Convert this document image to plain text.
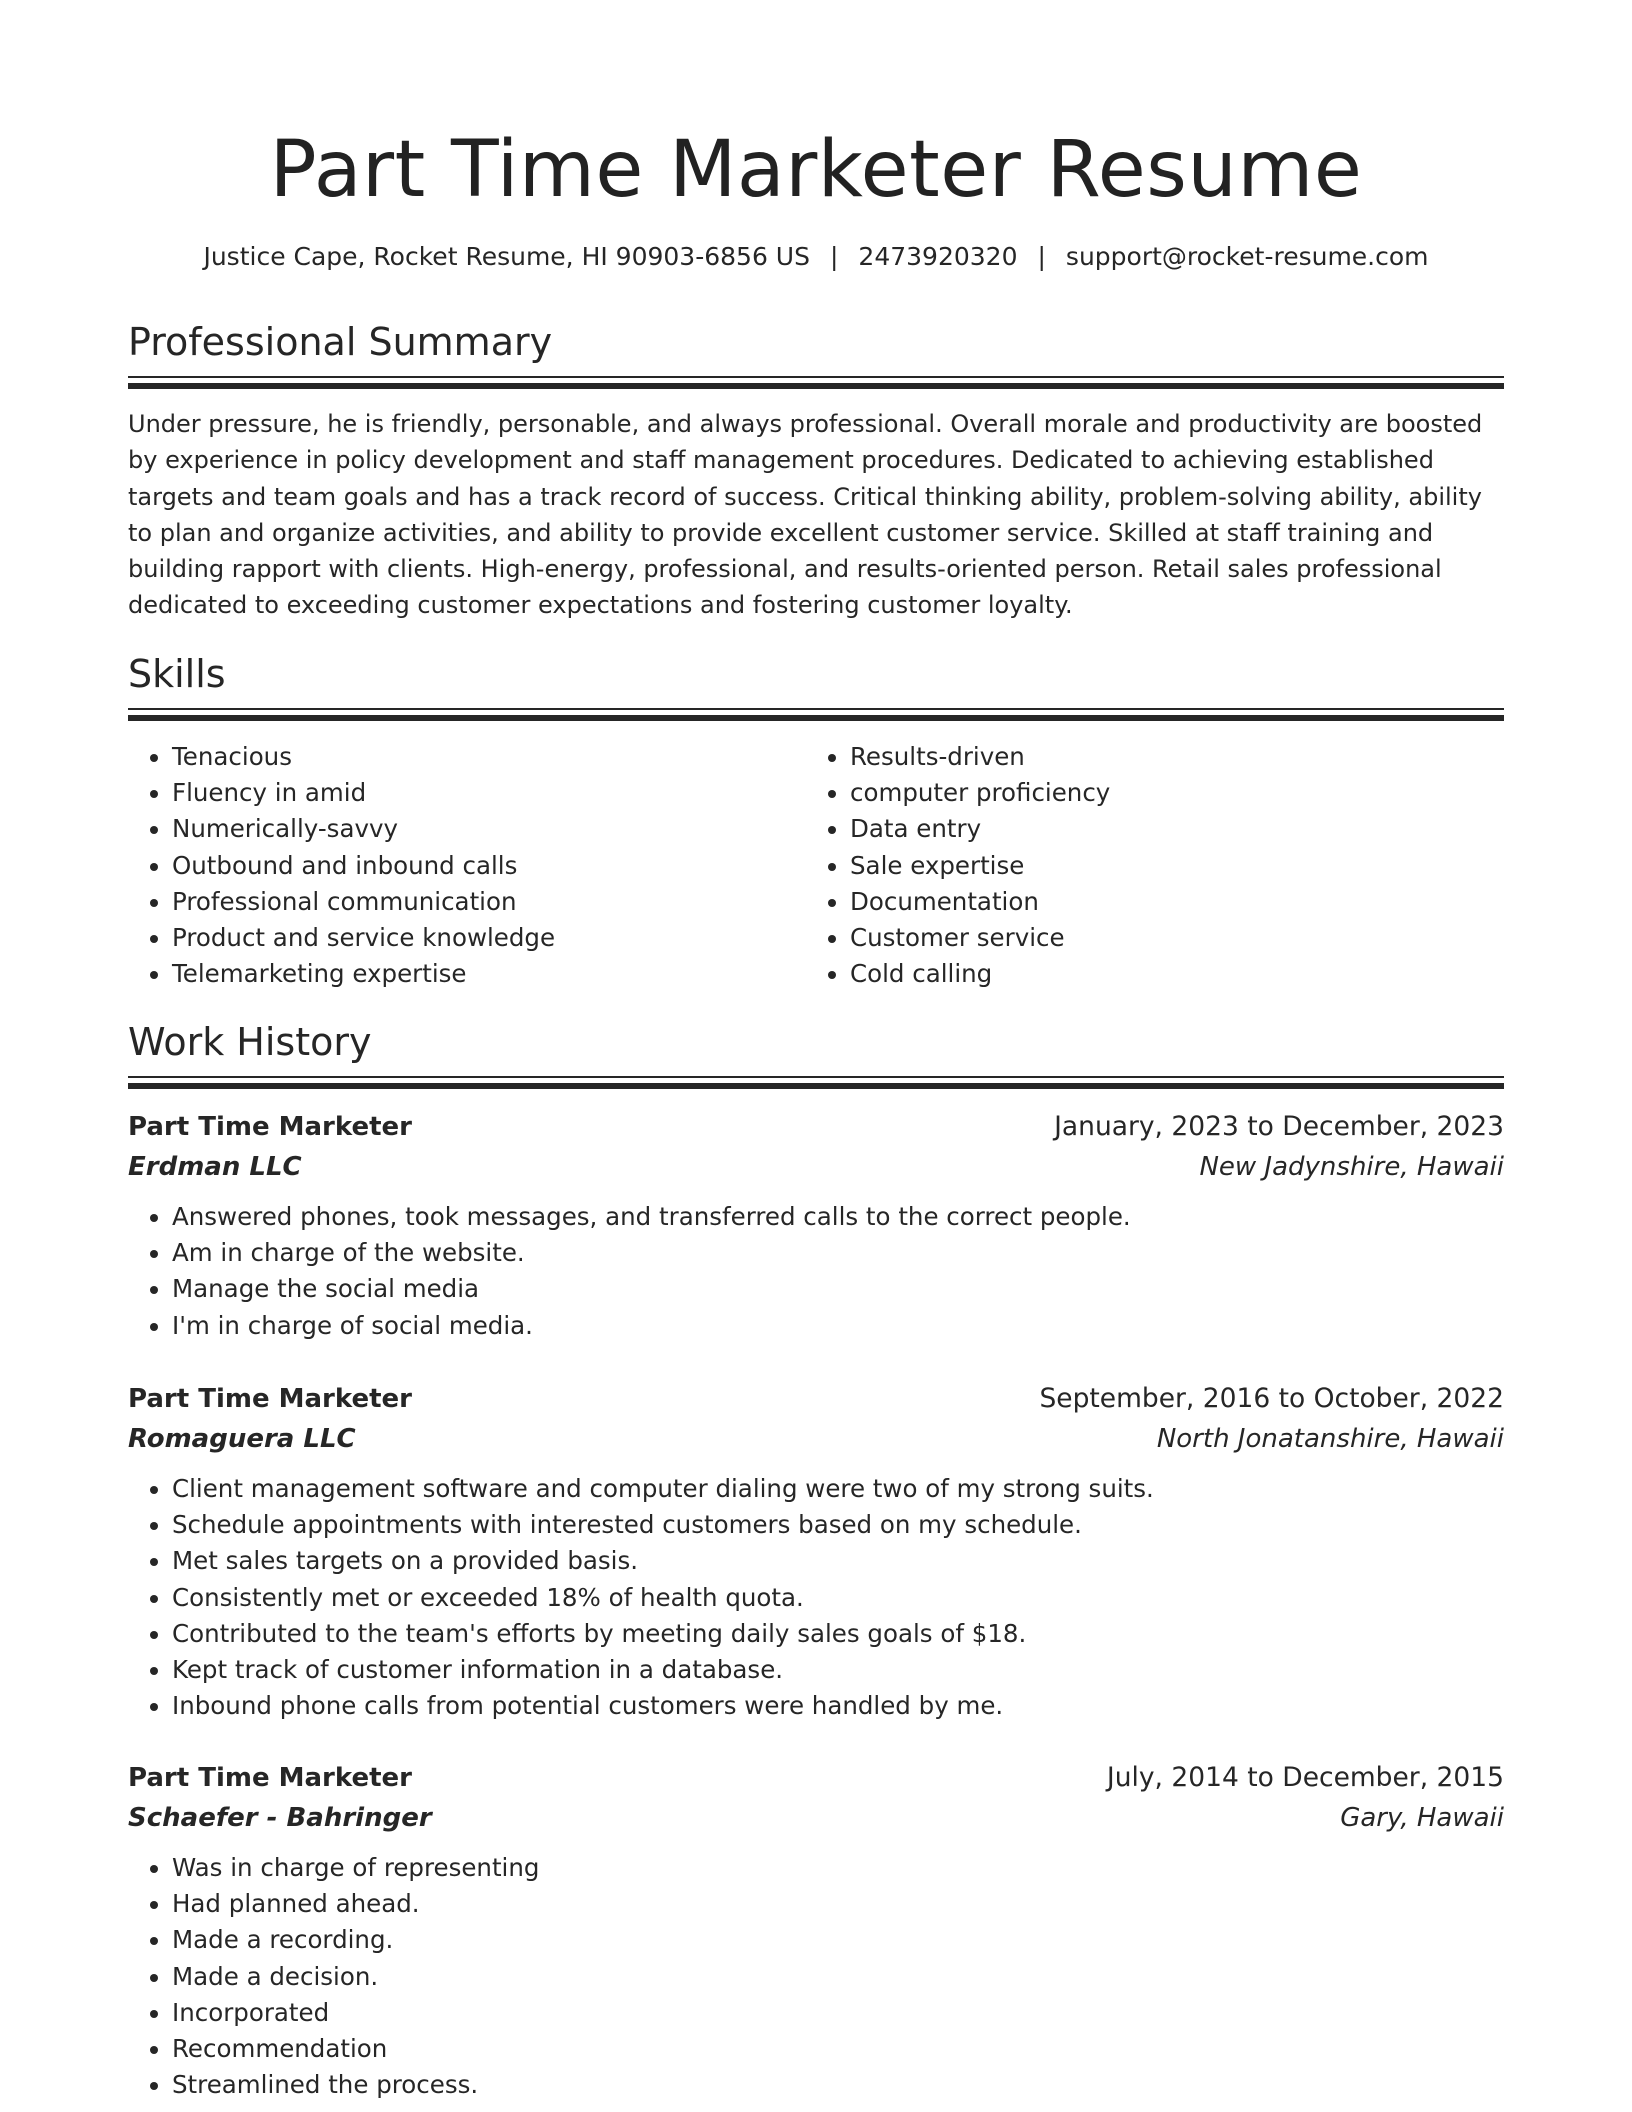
Part Time Marketer Resume
Justice Cape, Rocket Resume, HI 90903-6856 US | 2473920320 | support@rocket-resume.com
Professional Summary

Under pressure, he is friendly, personable, and always professional. Overall morale and productivity are boosted by experience in policy development and staff management procedures. Dedicated to achieving established targets and team goals and has a track record of success. Critical thinking ability, problem-solving ability, ability to plan and organize activities, and ability to provide excellent customer service. Skilled at staff training and building rapport with clients. High-energy, professional, and results-oriented person. Retail sales professional dedicated to exceeding customer expectations and fostering customer loyalty.

Skills
• Tenacious
• Fluency in amid
• Numerically-savvy
• Outbound and inbound calls
• Professional communication
• Product and service knowledge
• Telemarketing expertise
• Results-driven
• computer proficiency
• Data entry
• Sale expertise
• Documentation
• Customer service
• Cold calling
Work History
Part Time Marketer	January, 2023 to December, 2023
Erdman LLC	New Jadynshire, Hawaii
• Answered phones, took messages, and transferred calls to the correct people.
• Am in charge of the website.
• Manage the social media
• I'm in charge of social media.
Part Time Marketer	September, 2016 to October, 2022
Romaguera LLC	North Jonatanshire, Hawaii
• Client management software and computer dialing were two of my strong suits.
• Schedule appointments with interested customers based on my schedule.
• Met sales targets on a provided basis.
• Consistently met or exceeded 18% of health quota.
• Contributed to the team's efforts by meeting daily sales goals of $18.
• Kept track of customer information in a database.
• Inbound phone calls from potential customers were handled by me.
Part Time Marketer	July, 2014 to December, 2015
Schaefer - Bahringer	Gary, Hawaii
• Was in charge of representing
• Had planned ahead.
• Made a recording.
• Made a decision.
• Incorporated
• Recommendation
• Streamlined the process.
